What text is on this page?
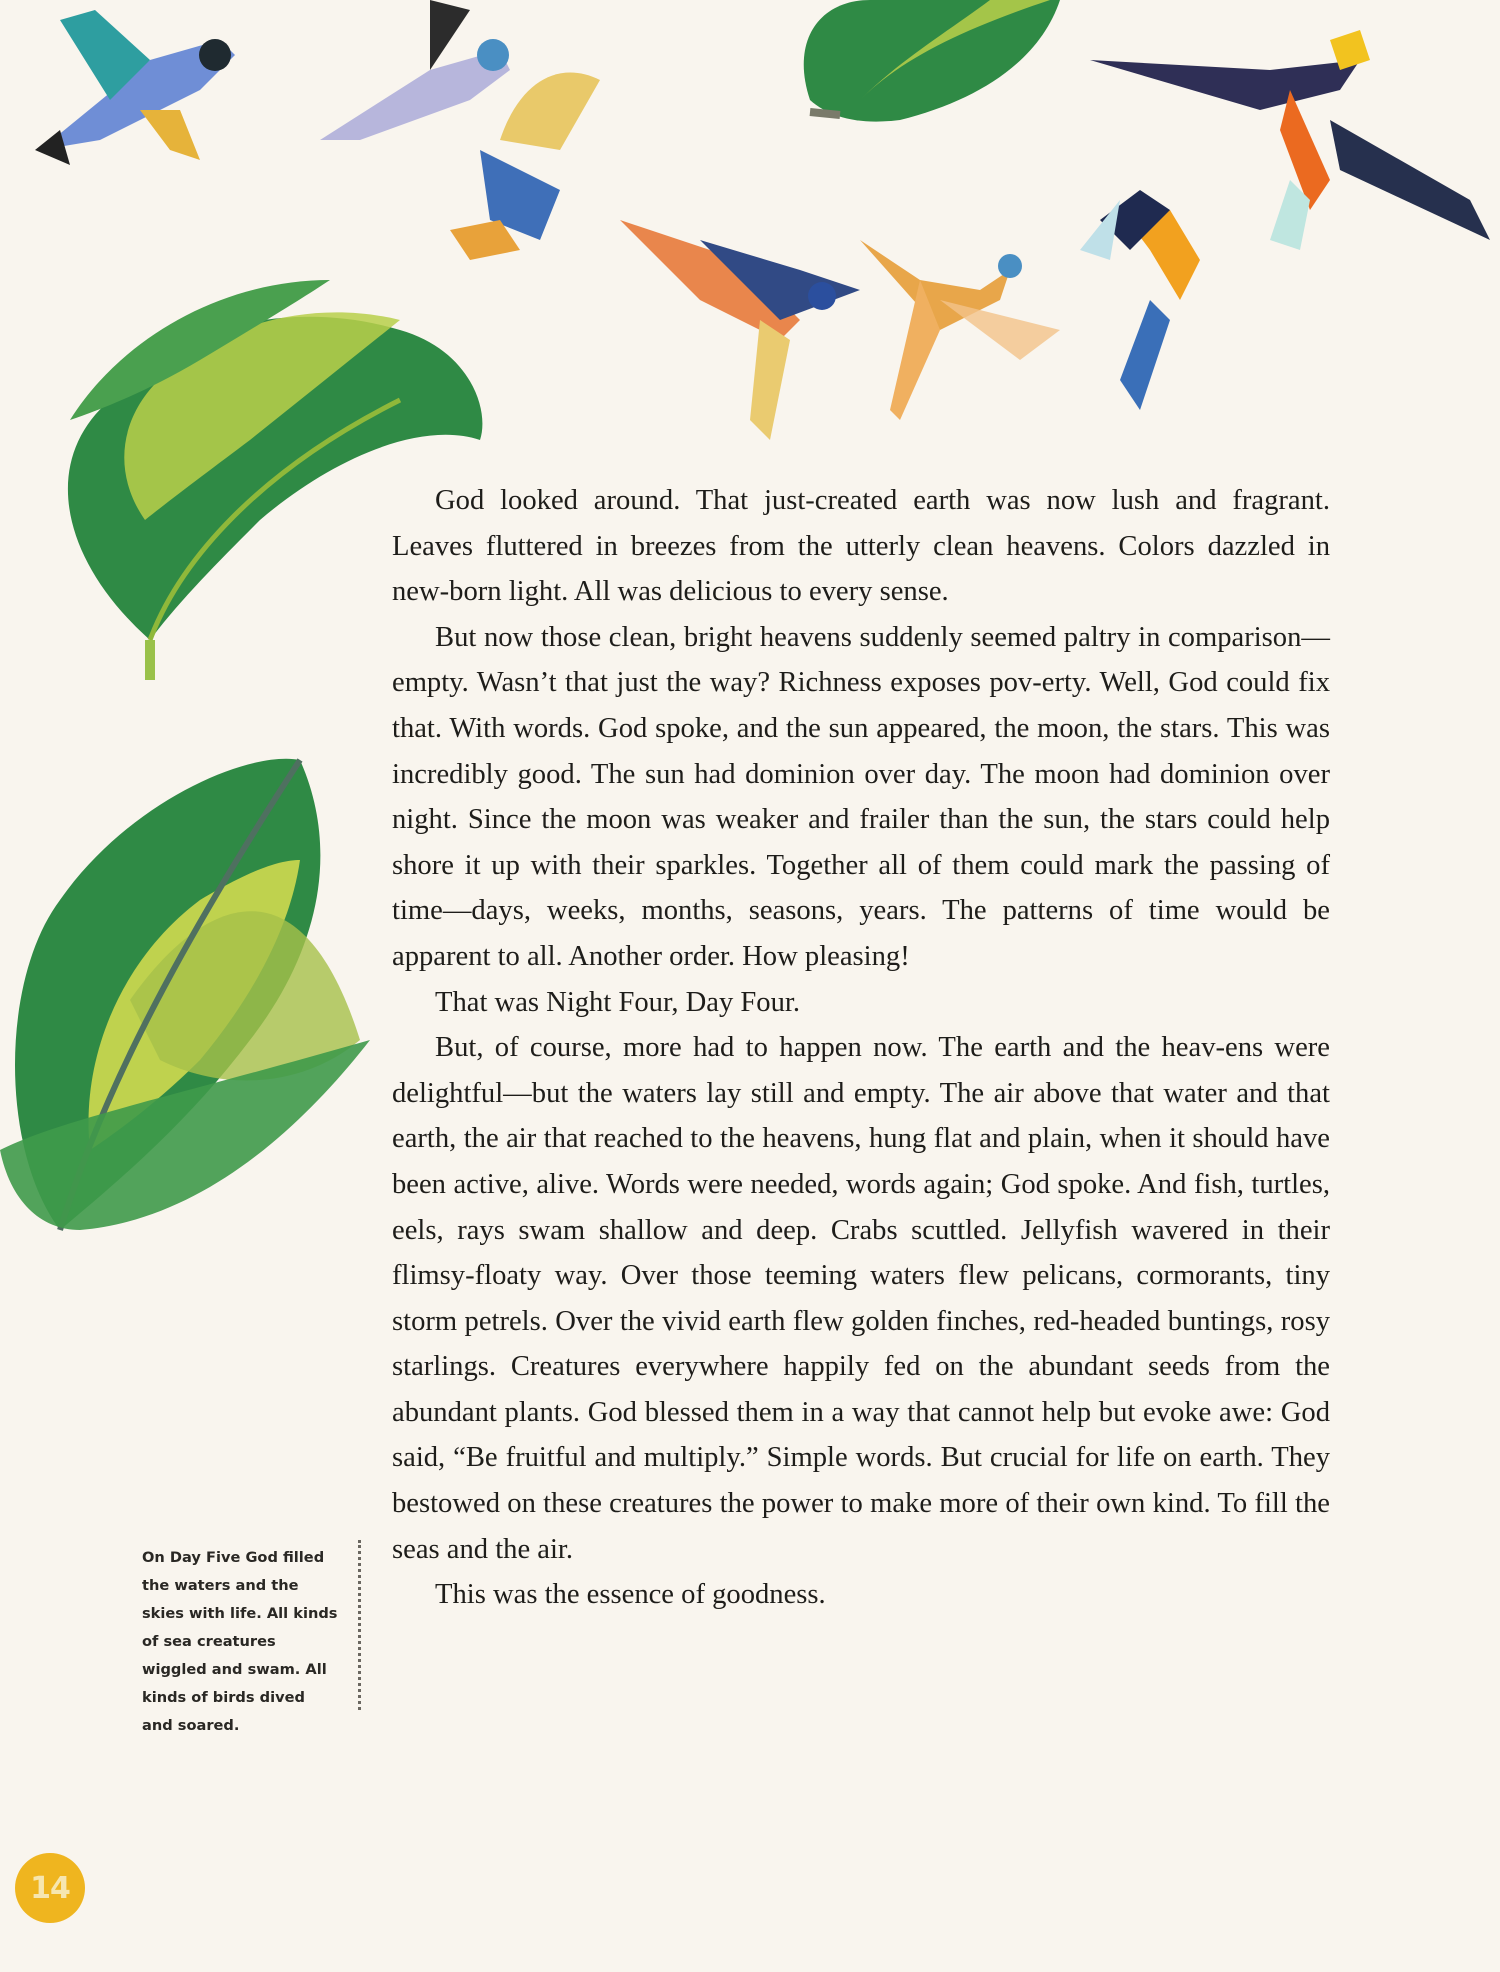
God looked around. That just-created earth was now lush and fragrant. Leaves fluttered in breezes from the utterly clean heavens. Colors dazzled in new-born light. All was delicious to every sense.

But now those clean, bright heavens suddenly seemed paltry in comparison—empty. Wasn’t that just the way? Richness exposes pov-erty. Well, God could fix that. With words. God spoke, and the sun appeared, the moon, the stars. This was incredibly good. The sun had dominion over day. The moon had dominion over night. Since the moon was weaker and frailer than the sun, the stars could help shore it up with their sparkles. Together all of them could mark the passing of time—days, weeks, months, seasons, years. The patterns of time would be apparent to all. Another order. How pleasing!

That was Night Four, Day Four.

But, of course, more had to happen now. The earth and the heav-ens were delightful—but the waters lay still and empty. The air above that water and that earth, the air that reached to the heavens, hung flat and plain, when it should have been active, alive. Words were needed, words again; God spoke. And fish, turtles, eels, rays swam shallow and deep. Crabs scuttled. Jellyfish wavered in their flimsy-floaty way. Over those teeming waters flew pelicans, cormorants, tiny storm petrels. Over the vivid earth flew golden finches, red-headed buntings, rosy starlings. Creatures everywhere happily fed on the abundant seeds from the abundant plants. God blessed them in a way that cannot help but evoke awe: God said, “Be fruitful and multiply.” Simple words. But crucial for life on earth. They bestowed on these creatures the power to make more of their own kind. To fill the seas and the air.

This was the essence of goodness.

On Day Five God filled the waters and the skies with life. All kinds of sea creatures wiggled and swam. All kinds of birds dived and soared.
14
